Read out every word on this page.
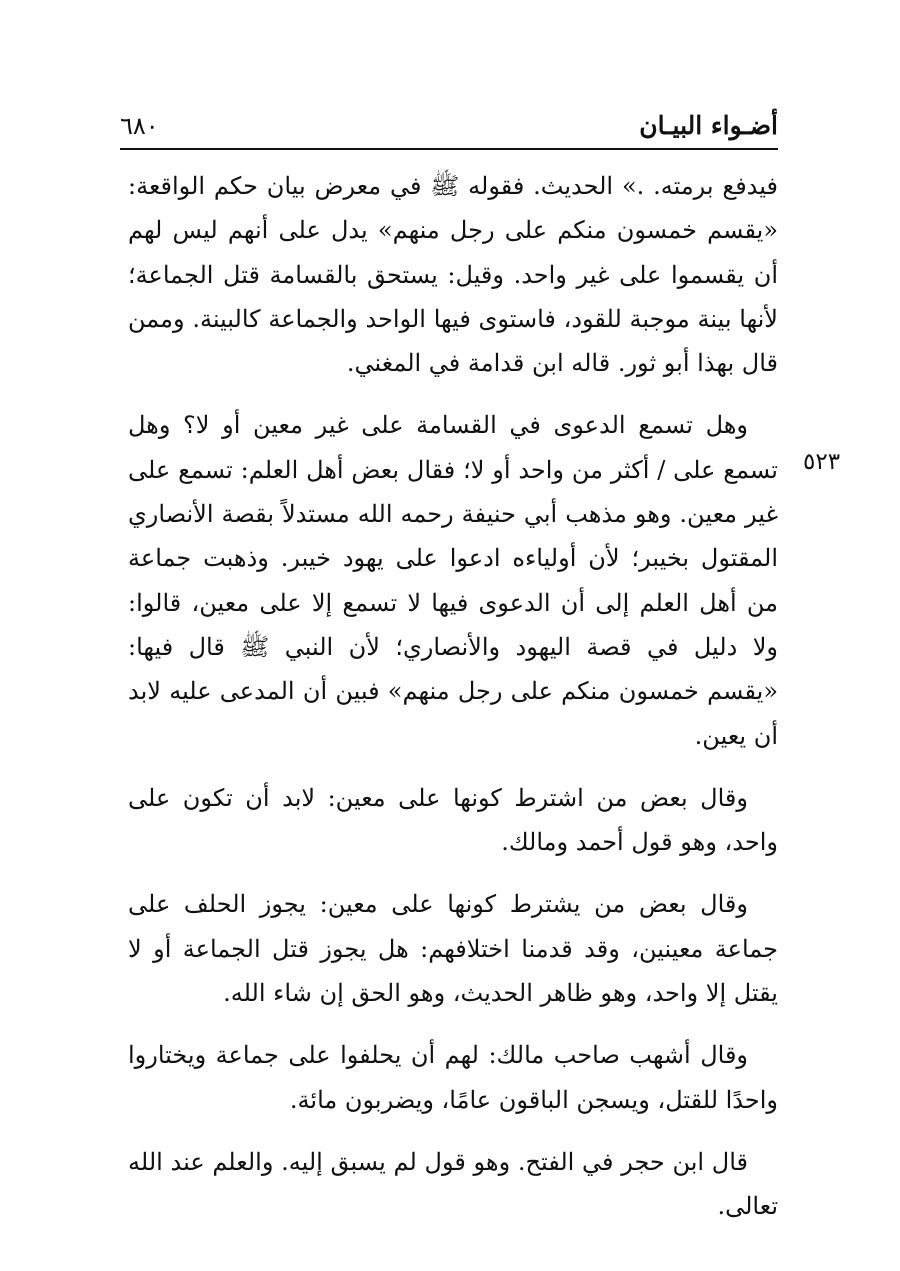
أضـواء البيـان
٦٨٠
٥٢٣

فيدفع برمته. .» الحديث. فقوله ﷺ في معرض بيان حكم الواقعة: «يقسم خمسون منكم على رجل منهم» يدل على أنهم ليس لهم أن يقسموا على غير واحد. وقيل: يستحق بالقسامة قتل الجماعة؛ لأنها بينة موجبة للقود، فاستوى فيها الواحد والجماعة كالبينة. وممن قال بهذا أبو ثور. قاله ابن قدامة في المغني.

وهل تسمع الدعوى في القسامة على غير معين أو لا؟ وهل تسمع على / أكثر من واحد أو لا؛ فقال بعض أهل العلم: تسمع على غير معين. وهو مذهب أبي حنيفة رحمه الله مستدلاً بقصة الأنصاري المقتول بخيبر؛ لأن أولياءه ادعوا على يهود خيبر. وذهبت جماعة من أهل العلم إلى أن الدعوى فيها لا تسمع إلا على معين، قالوا: ولا دليل في قصة اليهود والأنصاري؛ لأن النبي ﷺ قال فيها: «يقسم خمسون منكم على رجل منهم» فبين أن المدعى عليه لابد أن يعين.

وقال بعض من اشترط كونها على معين: لابد أن تكون على واحد، وهو قول أحمد ومالك.

وقال بعض من يشترط كونها على معين: يجوز الحلف على جماعة معينين، وقد قدمنا اختلافهم: هل يجوز قتل الجماعة أو لا يقتل إلا واحد، وهو ظاهر الحديث، وهو الحق إن شاء الله.

وقال أشهب صاحب مالك: لهم أن يحلفوا على جماعة ويختاروا واحدًا للقتل، ويسجن الباقون عامًا، ويضربون مائة.

قال ابن حجر في الفتح. وهو قول لم يسبق إليه. والعلم عند الله تعالى.
